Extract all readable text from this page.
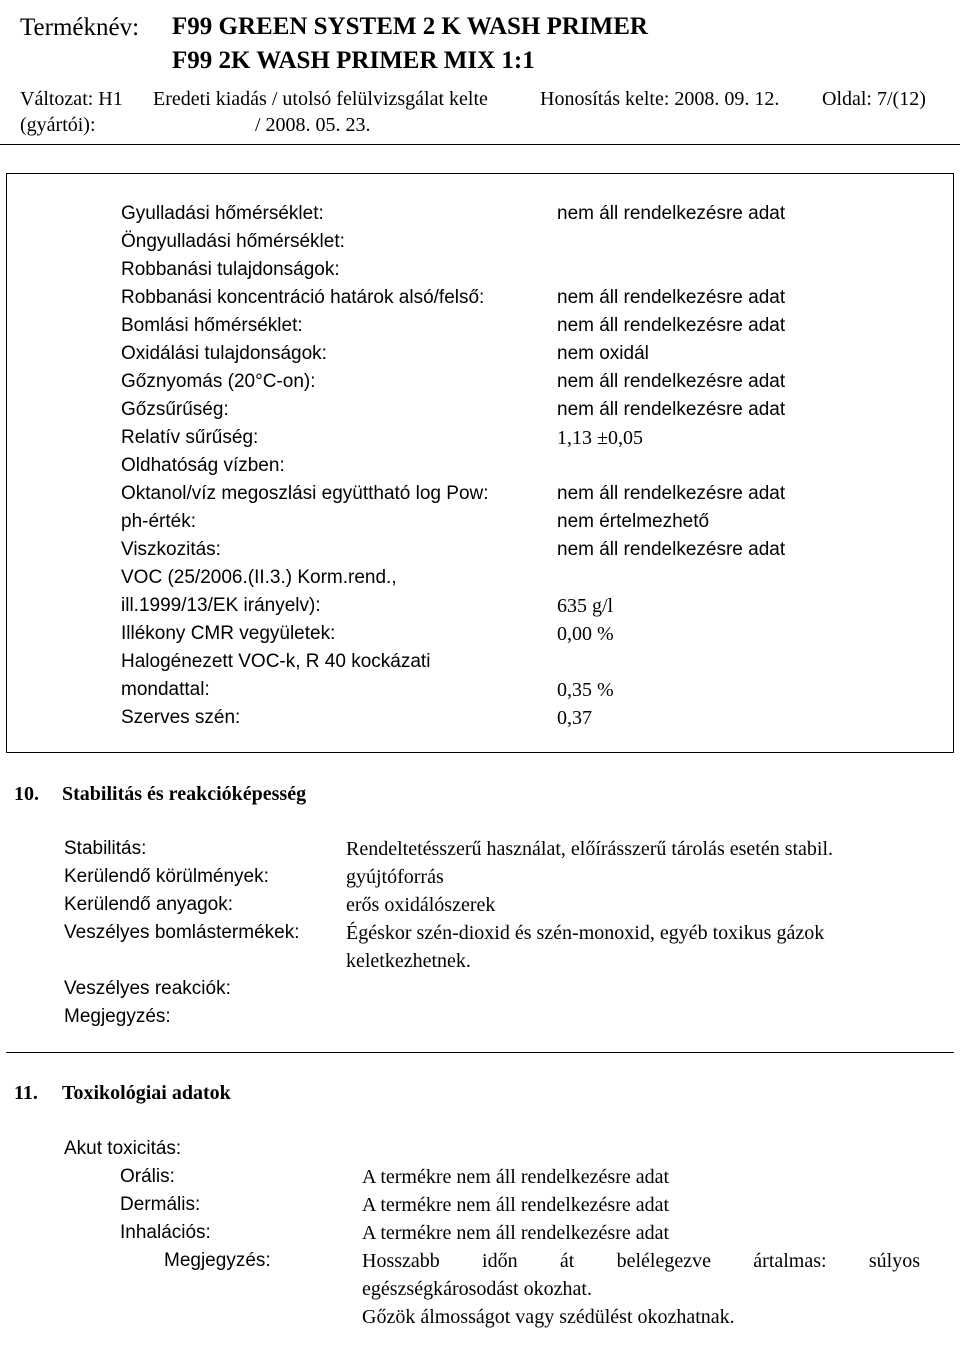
Terméknév: F99 GREEN SYSTEM 2 K WASH PRIMER
F99 2K WASH PRIMER MIX 1:1
Változat: H1 Eredeti kiadás / utolsó felülvizsgálat kelte
(gyártói):	/ 2008. 05. 23.
Honosítás kelte: 2008. 09. 12. Oldal: 7/(12)
Gyulladási hőmérséklet:	nem áll rendelkezésre adat
Öngyulladási hőmérséklet:
Robbanási tulajdonságok:
Robbanási koncentráció határok alsó/felső:	nem áll rendelkezésre adat
Bomlási hőmérséklet:	nem áll rendelkezésre adat
Oxidálási tulajdonságok:	nem oxidál
Gőznyomás (20°C-on):	nem áll rendelkezésre adat
Gőzsűrűség:	nem áll rendelkezésre adat
Relatív sűrűség:	1,13 ±0,05
Oldhatóság vízben:
Oktanol/víz megoszlási együttható log Pow:	nem áll rendelkezésre adat
ph-érték:	nem értelmezhető
Viszkozitás:	nem áll rendelkezésre adat
VOC (25/2006.(II.3.) Korm.rend.,
ill.1999/13/EK irányelv):	635 g/l
Illékony CMR vegyületek:	0,00 %
Halogénezett VOC-k, R 40 kockázati
mondattal:	0,35 %
Szerves szén:	0,37
10. Stabilitás és reakcióképesség
Stabilitás:	Rendeltetésszerű használat, előírásszerű tárolás esetén stabil.
Kerülendő körülmények:	gyújtóforrás
Kerülendő anyagok:	erős oxidálószerek
Veszélyes bomlástermékek: Égéskor szén-dioxid és szén-monoxid, egyéb toxikus gázok
keletkezhetnek.
Veszélyes reakciók:
Megjegyzés:
11. Toxikológiai adatok
Akut toxicitás:
Orális:	A termékre nem áll rendelkezésre adat
Dermális:	A termékre nem áll rendelkezésre adat
Inhalációs:	A termékre nem áll rendelkezésre adat
Megjegyzés:	Hosszabb időn át belélegezve ártalmas: súlyos
egészségkárosodást okozhat.
Gőzök álmosságot vagy szédülést okozhatnak.
